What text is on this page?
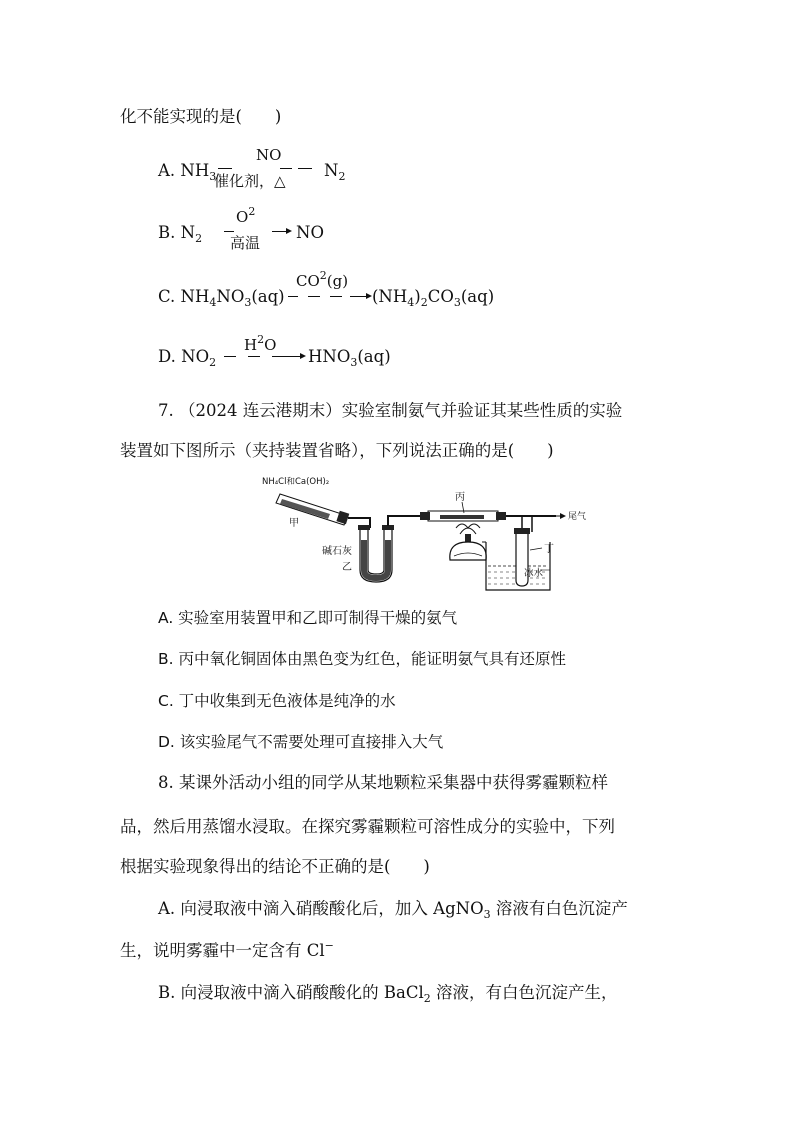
化不能实现的是(　　)
A. $NH_3$
NO
催化剂，△
$N_2$
B. $N_2$
$O^2$
高温
NO
C. $NH_4NO_3(aq)$
$CO^2(g)$
$(NH_4)_2CO_3(aq)$
D. $NO_2$
$H^2O$
$HNO_3(aq)$
7. （2024 连云港期末）实验室制氨气并验证其某些性质的实验
装置如下图所示（夹持装置省略），下列说法正确的是(　　)
NH₄Cl和Ca(OH)₂
甲
碱石灰
乙
丙
尾气
丁
冰水
A. 实验室用装置甲和乙即可制得干燥的氨气
B. 丙中氧化铜固体由黑色变为红色，能证明氨气具有还原性
C. 丁中收集到无色液体是纯净的水
D. 该实验尾气不需要处理可直接排入大气
8. 某课外活动小组的同学从某地颗粒采集器中获得雾霾颗粒样
品，然后用蒸馏水浸取。在探究雾霾颗粒可溶性成分的实验中，下列
根据实验现象得出的结论不正确的是(　　)
A. 向浸取液中滴入硝酸酸化后，加入 AgNO$_3$ 溶液有白色沉淀产
生，说明雾霾中一定含有 Cl−
B. 向浸取液中滴入硝酸酸化的 BaCl$_2$ 溶液，有白色沉淀产生，
